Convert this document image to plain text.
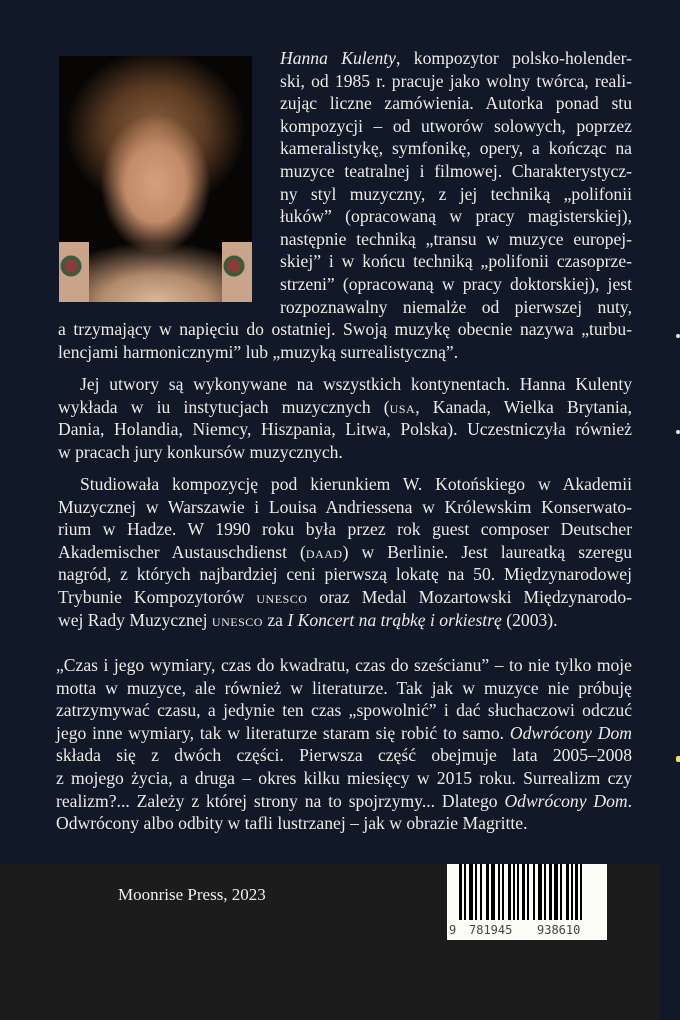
Hanna Kulenty, kompozytor polsko-holender-
ski, od 1985 r. pracuje jako wolny twórca, reali-
zując liczne zamówienia. Autorka ponad stu
kompozycji – od utworów solowych, poprzez
kameralistykę, symfonikę, opery, a kończąc na
muzyce teatralnej i filmowej. Charakterystycz-
ny styl muzyczny, z jej techniką „polifonii
łuków” (opracowaną w pracy magisterskiej),
następnie techniką „transu w muzyce europej-
skiej” i w końcu techniką „polifonii czasoprze-
strzeni” (opracowaną w pracy doktorskiej), jest
rozpoznawalny niemalże od pierwszej nuty,
a trzymający w napięciu do ostatniej. Swoją muzykę obecnie nazywa „turbu-
lencjami harmonicznymi” lub „muzyką surrealistyczną”.
Jej utwory są wykonywane na wszystkich kontynentach. Hanna Kulenty
wykłada w iu instytucjach muzycznych (usa, Kanada, Wielka Brytania,
Dania, Holandia, Niemcy, Hiszpania, Litwa, Polska). Uczestniczyła również
w pracach jury konkursów muzycznych.
Studiowała kompozycję pod kierunkiem W. Kotońskiego w Akademii
Muzycznej w Warszawie i Louisa Andriessena w Królewskim Konserwato-
rium w Hadze. W 1990 roku była przez rok guest composer Deutscher
Akademischer Austauschdienst (daad) w Berlinie. Jest laureatką szeregu
nagród, z których najbardziej ceni pierwszą lokatę na 50. Międzynarodowej
Trybunie Kompozytorów unesco oraz Medal Mozartowski Międzynarodo-
wej Rady Muzycznej unesco za I Koncert na trąbkę i orkiestrę (2003).
„Czas i jego wymiary, czas do kwadratu, czas do sześcianu” – to nie tylko moje
motta w muzyce, ale również w literaturze. Tak jak w muzyce nie próbuję
zatrzymywać czasu, a jedynie ten czas „spowolnić” i dać słuchaczowi odczuć
jego inne wymiary, tak w literaturze staram się robić to samo. Odwrócony Dom
składa się z dwóch części. Pierwsza część obejmuje lata 2005–2008
z mojego życia, a druga – okres kilku miesięcy w 2015 roku. Surrealizm czy
realizm?... Zależy z której strony na to spojrzymy... Dlatego Odwrócony Dom.
Odwrócony albo odbity w tafli lustrzanej – jak w obrazie Magritte.
Moonrise Press, 2023
9 781945 938610
